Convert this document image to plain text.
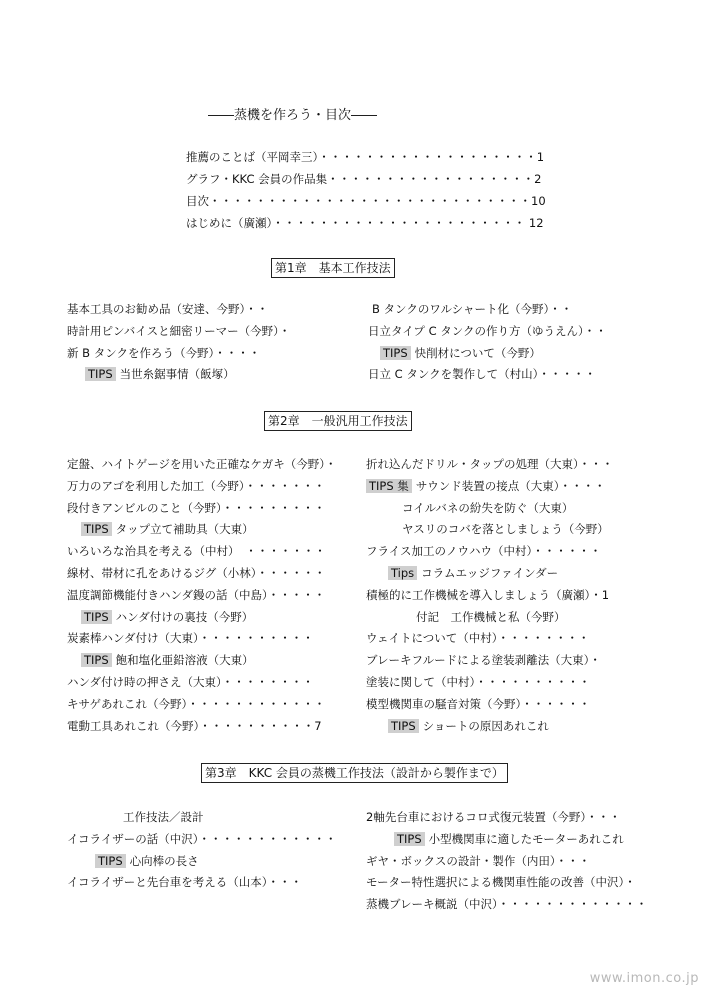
――蒸機を作ろう・目次――
推薦のことば（平岡幸三）・・・・・・・・・・・・・・・・・・・1
グラフ・KKC 会員の作品集・・・・・・・・・・・・・・・・・・2
目次・・・・・・・・・・・・・・・・・・・・・・・・・・・・10
はじめに（廣瀬）・・・・・・・・・・・・・・・・・・・・・・ 12
第1章　基本工作技法
基本工具のお勧め品（安達、今野）・・
時計用ピンバイスと細密リーマー（今野）・
新 B タンクを作ろう（今野）・・・・
TIPS 当世糸鋸事情（飯塚）
B タンクのワルシャート化（今野）・・
日立タイプ C タンクの作り方（ゆうえん）・・
TIPS 快削材について（今野）
日立 C タンクを製作して（村山）・・・・・
第2章　一般汎用工作技法
定盤、ハイトゲージを用いた正確なケガキ（今野）・
万力のアゴを利用した加工（今野）・・・・・・・
段付きアンビルのこと（今野）・・・・・・・・・
TIPS タップ立て補助具（大東）
いろいろな治具を考える（中村）　・・・・・・・
線材、帯材に孔をあけるジグ（小林）・・・・・・
温度調節機能付きハンダ鏝の話（中島）・・・・・
TIPS ハンダ付けの裏技（今野）
炭素棒ハンダ付け（大東）・・・・・・・・・・
TIPS 飽和塩化亜鉛溶液（大東）
ハンダ付け時の押さえ（大東）・・・・・・・・
キサゲあれこれ（今野）・・・・・・・・・・・・
電動工具あれこれ（今野）・・・・・・・・・・7
折れ込んだドリル・タップの処理（大東）・・・
TIPS 集 サウンド装置の接点（大東）・・・・
コイルバネの紛失を防ぐ（大東）
ヤスリのコバを落としましょう（今野）
フライス加工のノウハウ（中村）・・・・・・
Tips コラムエッジファインダー
積極的に工作機械を導入しましょう（廣瀬）・1
付記　工作機械と私（今野）
ウェイトについて（中村）・・・・・・・・
ブレーキフルードによる塗装剥離法（大東）・
塗装に関して（中村）・・・・・・・・・・
模型機関車の騒音対策（今野）・・・・・・
TIPS ショートの原因あれこれ
第3章　KKC 会員の蒸機工作技法（設計から製作まで）
工作技法／設計
イコライザーの話（中沢）・・・・・・・・・・・・
TIPS 心向棒の長さ
イコライザーと先台車を考える（山本）・・・
2軸先台車におけるコロ式復元装置（今野）・・・
TIPS 小型機関車に適したモーターあれこれ
ギヤ・ボックスの設計・製作（内田）・・・
モーター特性選択による機関車性能の改善（中沢）・
蒸機ブレーキ概説（中沢）・・・・・・・・・・・・・
www.imon.co.jp
